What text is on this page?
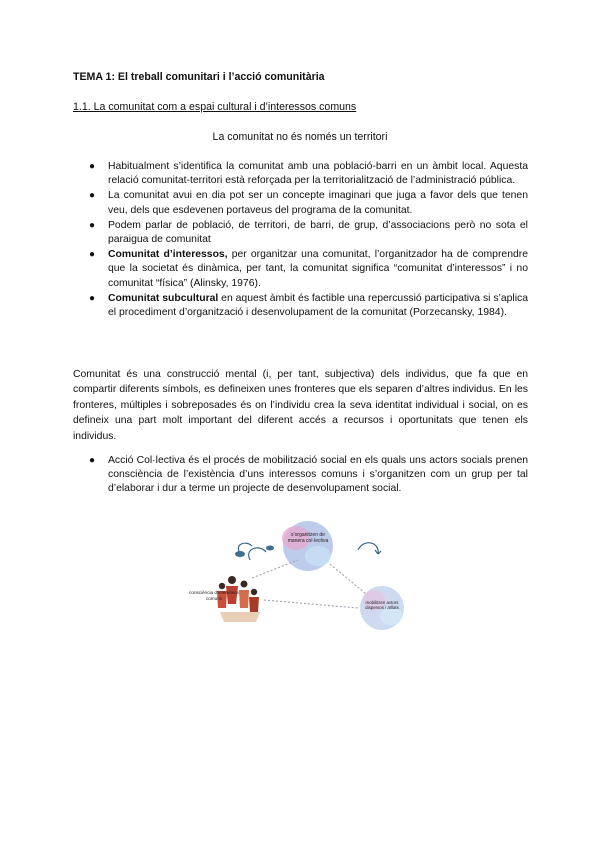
TEMA 1: El treball comunitari i l’acció comunitària
1.1. La comunitat com a espai cultural i d’interessos comuns
La comunitat no és només un territori
● Habitualment s’identifica la comunitat amb una població-barri en un àmbit local. Aquesta relació comunitat-territori està reforçada per la territorialització de l’administració pública.
● La comunitat avui en dia pot ser un concepte imaginari que juga a favor dels que tenen veu, dels que esdevenen portaveus del programa de la comunitat.
● Podem parlar de població, de territori, de barri, de grup, d’associacions però no sota el paraigua de comunitat
● Comunitat d’interessos, per organitzar una comunitat, l’organitzador ha de comprendre que la societat és dinàmica, per tant, la comunitat significa “comunitat d’interessos” i no comunitat “física” (Alinsky, 1976).
● Comunitat subcultural en aquest àmbit és factible una repercussió participativa si s’aplica el procediment d’organització i desenvolupament de la comunitat (Porzecansky, 1984).
Comunitat és una construcció mental (i, per tant, subjectiva) dels individus, que fa que en compartir diferents símbols, es defineixen unes fronteres que els separen d’altres individus. En les fronteres, múltiples i sobreposades és on l’individu crea la seva identitat individual i social, on es defineix una part molt important del diferent accés a recursos i oportunitats que tenen els individus.
● Acció Col·lectiva és el procés de mobilització social en els quals uns actors socials prenen consciència de l’existència d’uns interessos comuns i s’organitzen com un grup per tal d’elaborar i dur a terme un projecte de desenvolupament social.
s’organitzen de manera col·lectiva
mobilitzen actors dispersos i aïllats
consciència d’interessos comuns
